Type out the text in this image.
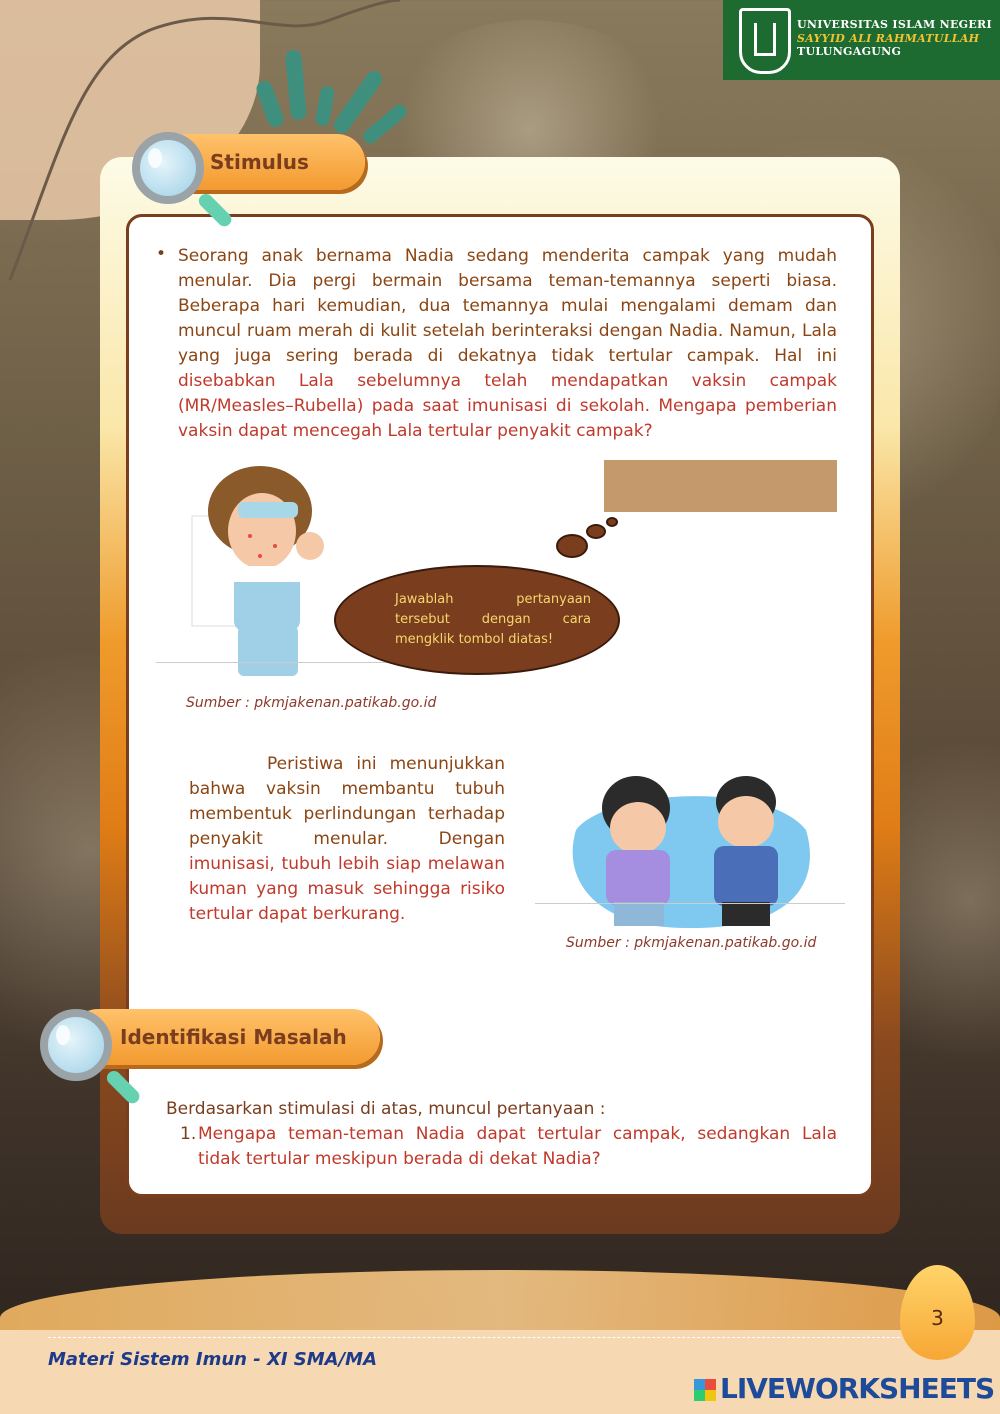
UNIVERSITAS ISLAM NEGERI
SAYYID ALI RAHMATULLAH
TULUNGAGUNG
Stimulus
• Seorang anak bernama Nadia sedang menderita campak yang mudah menular. Dia pergi bermain bersama teman-temannya seperti biasa. Beberapa hari kemudian, dua temannya mulai mengalami demam dan muncul ruam merah di kulit setelah berinteraksi dengan Nadia. Namun, Lala yang juga sering berada di dekatnya tidak tertular campak. Hal ini disebabkan Lala sebelumnya telah mendapatkan vaksin campak (MR/Measles–Rubella) pada saat imunisasi di sekolah. Mengapa pemberian vaksin dapat mencegah Lala tertular penyakit campak?
Jawablah pertanyaan tersebut dengan cara mengklik tombol diatas!
Sumber : pkmjakenan.patikab.go.id
Peristiwa ini menunjukkan bahwa vaksin membantu tubuh membentuk perlindungan terhadap penyakit menular. Dengan imunisasi, tubuh lebih siap melawan kuman yang masuk sehingga risiko tertular dapat berkurang.
Sumber : pkmjakenan.patikab.go.id
Identifikasi Masalah
Berdasarkan stimulasi di atas, muncul pertanyaan :
1. Mengapa teman-teman Nadia dapat tertular campak, sedangkan Lala tidak tertular meskipun berada di dekat Nadia?
Materi Sistem Imun - XI SMA/MA
3
LIVEWORKSHEETS
